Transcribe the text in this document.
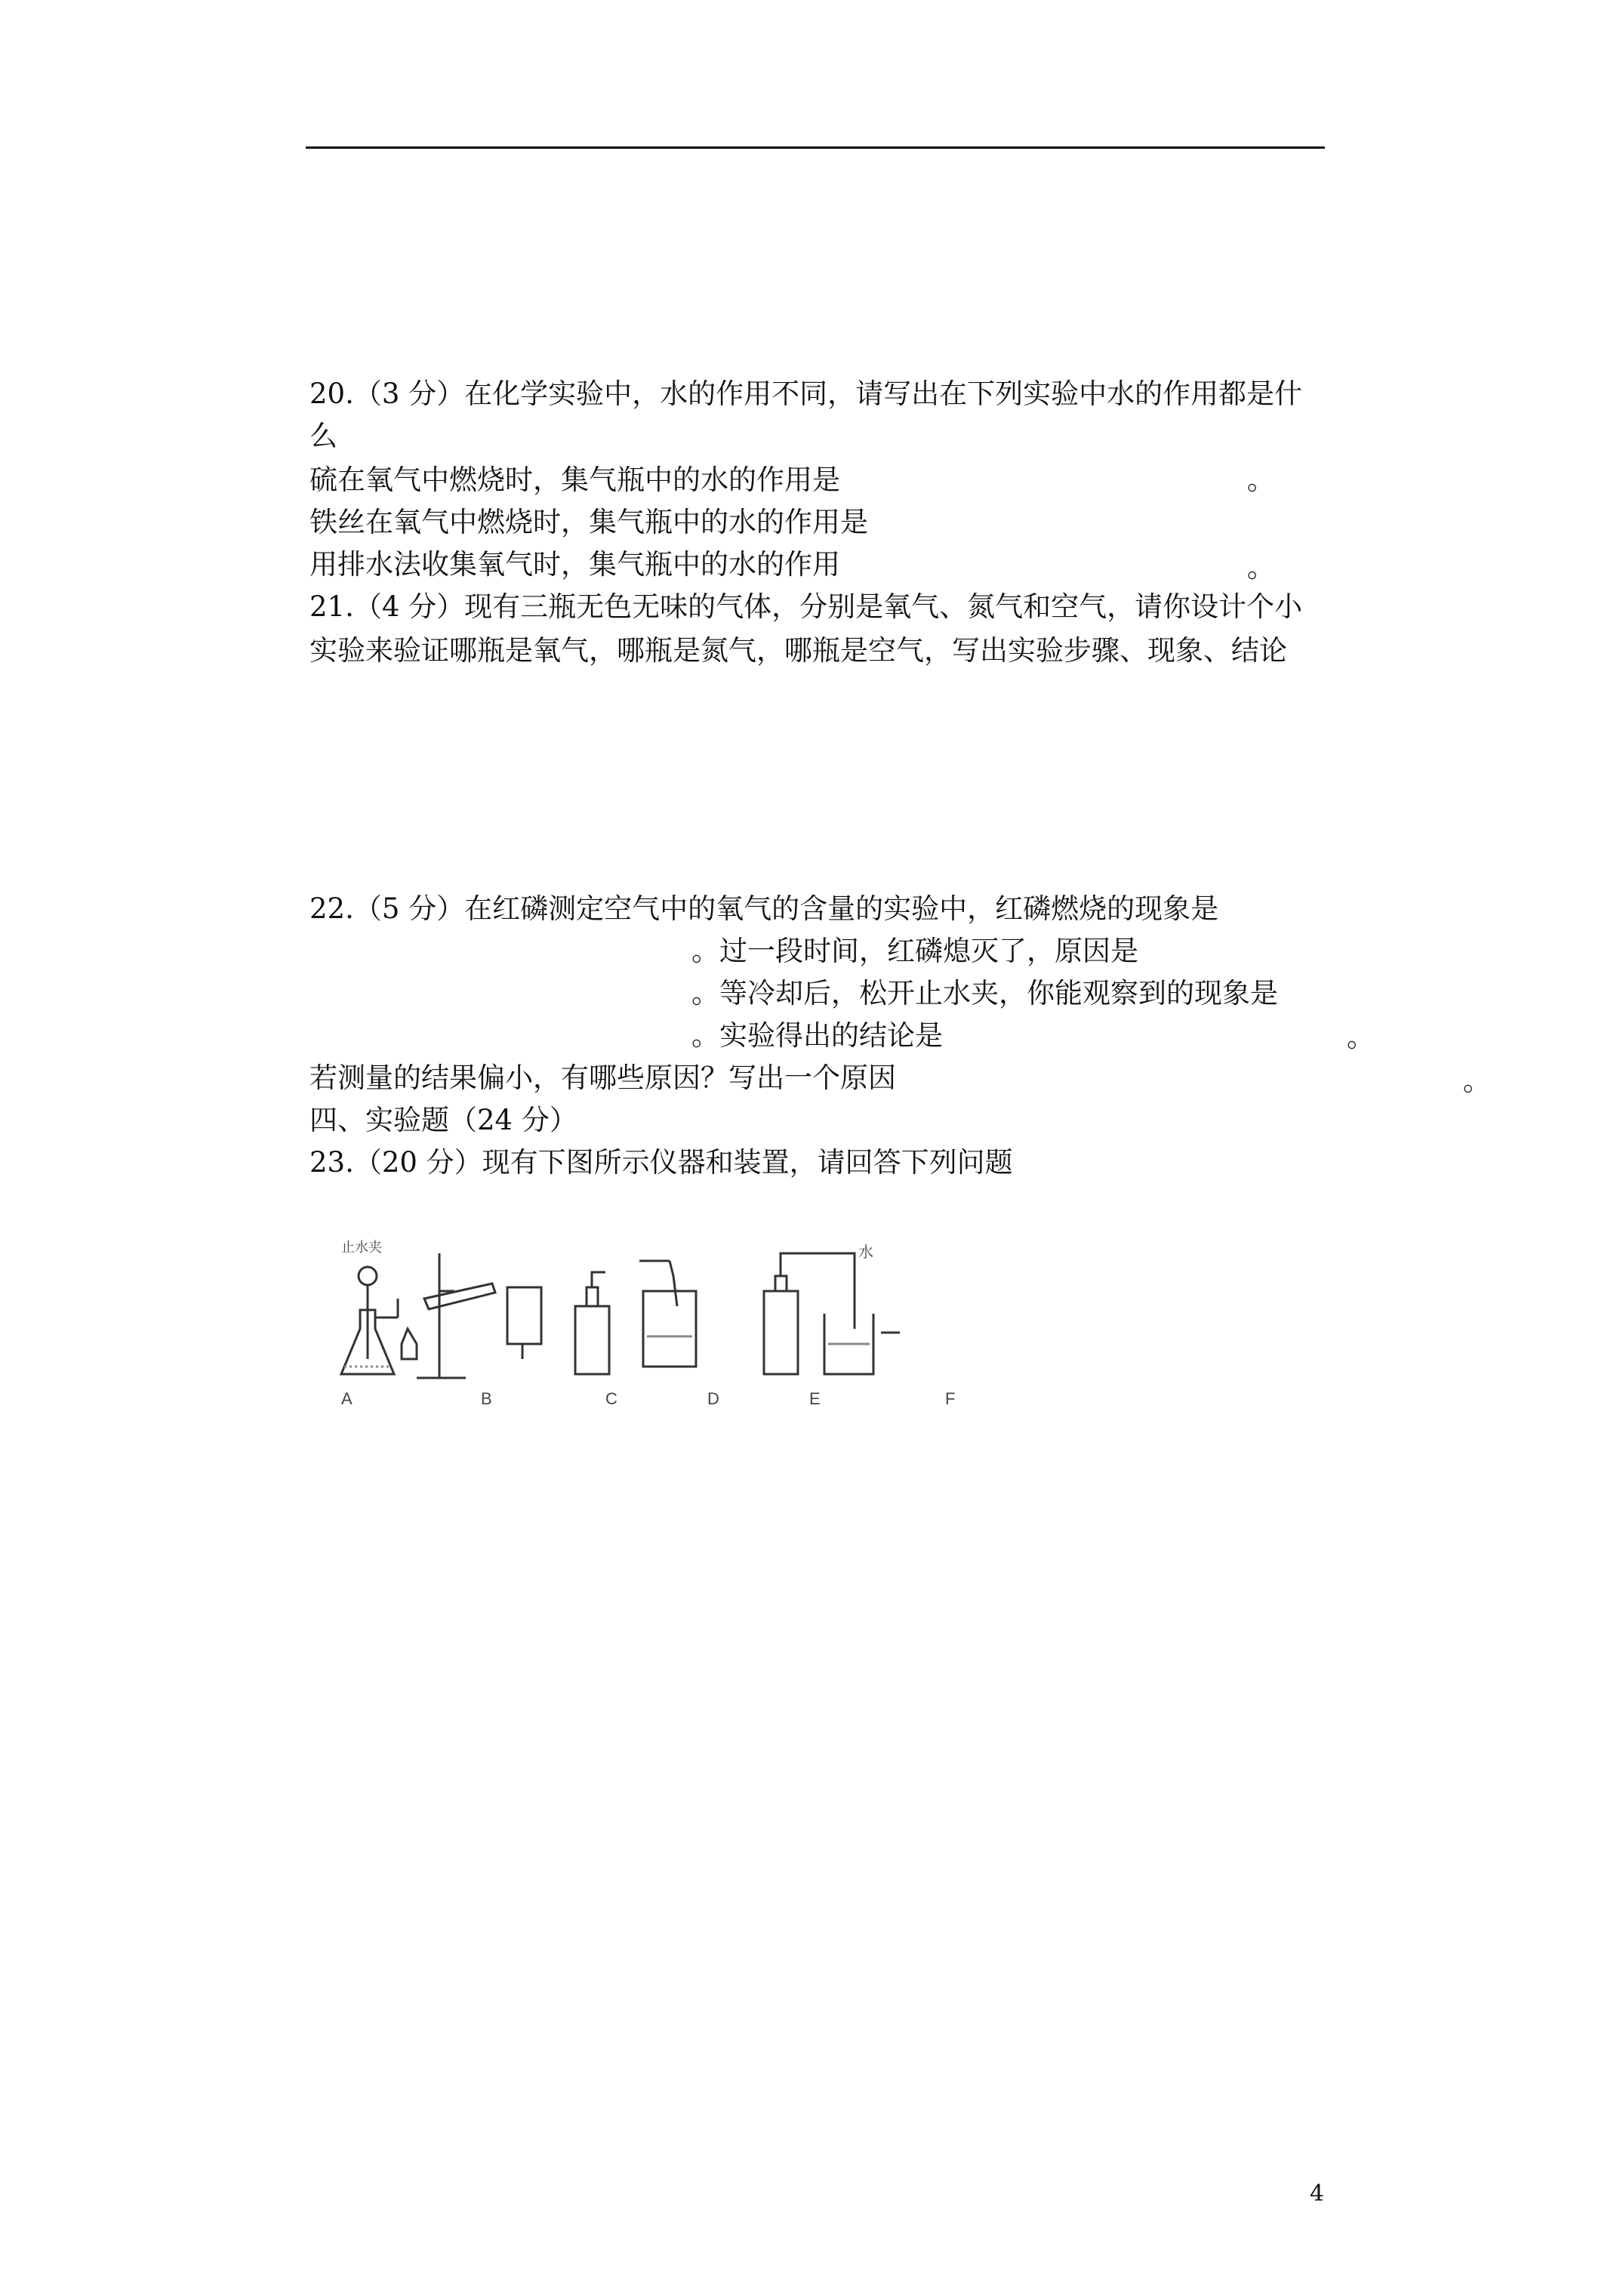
20.（3 分）在化学实验中，水的作用不同，请写出在下列实验中水的作用都是什
么
硫在氧气中燃烧时，集气瓶中的水的作用是	。
铁丝在氧气中燃烧时，集气瓶中的水的作用是
用排水法收集氧气时，集气瓶中的水的作用	。
21.（4 分）现有三瓶无色无味的气体，分别是氧气、氮气和空气，请你设计个小
实验来验证哪瓶是氧气，哪瓶是氮气，哪瓶是空气，写出实验步骤、现象、结论
22.（5 分）在红磷测定空气中的氧气的含量的实验中，红磷燃烧的现象是
。过一段时间，红磷熄灭了，原因是
。等冷却后，松开止水夹，你能观察到的现象是
。实验得出的结论是	。
若测量的结果偏小，有哪些原因？写出一个原因	。
四、实验题（24 分）
23.（20 分）现有下图所示仪器和装置，请回答下列问题
止水夹	水
A	B	C	D	E	F
4
